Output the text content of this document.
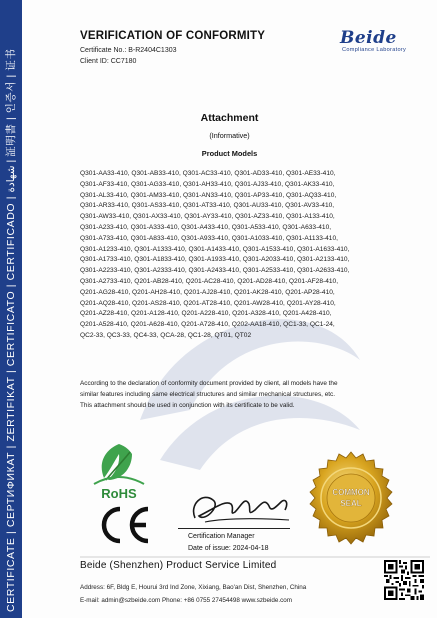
CERTIFICATE | СЕРТИФИКАТ | ZERTIFIKAT | CERTIFICATO | CERTIFICADO | شهادة | 証明書 | 인증서 | 证书
VERIFICATION OF CONFORMITY
Certificate No.: B-R2404C1303
Client ID: CC7180
Beide
Compliance Laboratory
Attachment
(Informative)
Product Models
Q301-AA33-410, Q301-AB33-410, Q301-AC33-410, Q301-AD33-410, Q301-AE33-410,
Q301-AF33-410, Q301-AG33-410, Q301-AH33-410, Q301-AJ33-410, Q301-AK33-410,
Q301-AL33-410, Q301-AM33-410, Q301-AN33-410, Q301-AP33-410, Q301-AQ33-410,
Q301-AR33-410, Q301-AS33-410, Q301-AT33-410, Q301-AU33-410, Q301-AV33-410,
Q301-AW33-410, Q301-AX33-410, Q301-AY33-410, Q301-AZ33-410, Q301-A133-410,
Q301-A233-410, Q301-A333-410, Q301-A433-410, Q301-A533-410, Q301-A633-410,
Q301-A733-410, Q301-A833-410, Q301-A933-410, Q301-A1033-410, Q301-A1133-410,
Q301-A1233-410, Q301-A1333-410, Q301-A1433-410, Q301-A1533-410, Q301-A1633-410,
Q301-A1733-410, Q301-A1833-410, Q301-A1933-410, Q301-A2033-410, Q301-A2133-410,
Q301-A2233-410, Q301-A2333-410, Q301-A2433-410, Q301-A2533-410, Q301-A2633-410,
Q301-A2733-410, Q201-AB28-410, Q201-AC28-410, Q201-AD28-410, Q201-AF28-410,
Q201-AG28-410, Q201-AH28-410, Q201-AJ28-410, Q201-AK28-410, Q201-AP28-410,
Q201-AQ28-410, Q201-AS28-410, Q201-AT28-410, Q201-AW28-410, Q201-AY28-410,
Q201-AZ28-410, Q201-A128-410, Q201-A228-410, Q201-A328-410, Q201-A428-410,
Q201-A528-410, Q201-A628-410, Q201-A728-410, Q202-AA18-410, QC1-33, QC1-24,
QC2-33, QC3-33, QC4-33, QCA-28, QC1-28, QT01, QT02
According to the declaration of conformity document provided by client, all models have the
similar features including same electrical structures and similar mechanical structures, etc.
This attachment should be used in conjunction with its certificate to be valid.
RoHS
Certification Manager
Date of issue: 2024-04-18
COMMON
SEAL
Beide (Shenzhen) Product Service Limited
Address: 6F, Bldg E, Hourui 3rd Ind Zone, Xixiang, Bao'an Dist, Shenzhen, China
E-mail: admin@szbeide.com Phone: +86 0755 27454498 www.szbeide.com
